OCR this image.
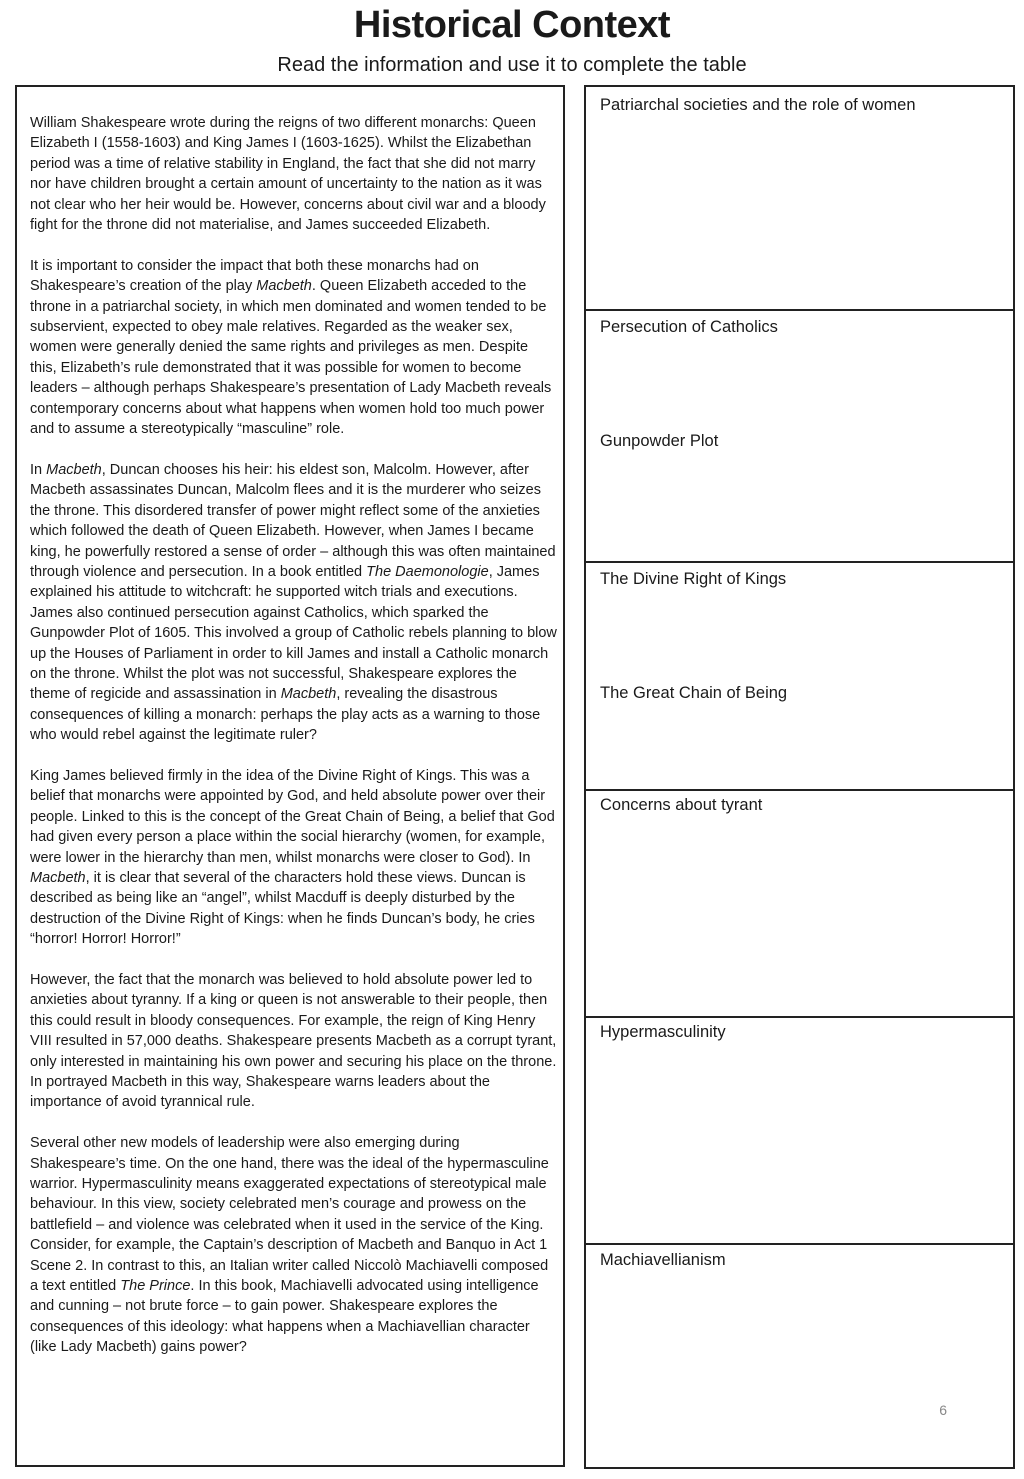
Historical Context
Read the information and use it to complete the table

William Shakespeare wrote during the reigns of two different monarchs: Queen Elizabeth I (1558-1603) and King James I (1603-1625). Whilst the Elizabethan period was a time of relative stability in England, the fact that she did not marry nor have children brought a certain amount of uncertainty to the nation as it was not clear who her heir would be. However, concerns about civil war and a bloody fight for the throne did not materialise, and James succeeded Elizabeth.

It is important to consider the impact that both these monarchs had on Shakespeare’s creation of the play Macbeth. Queen Elizabeth acceded to the throne in a patriarchal society, in which men dominated and women tended to be subservient, expected to obey male relatives. Regarded as the weaker sex, women were generally denied the same rights and privileges as men. Despite this, Elizabeth’s rule demonstrated that it was possible for women to become leaders – although perhaps Shakespeare’s presentation of Lady Macbeth reveals contemporary concerns about what happens when women hold too much power and to assume a stereotypically “masculine” role.

In Macbeth, Duncan chooses his heir: his eldest son, Malcolm. However, after Macbeth assassinates Duncan, Malcolm flees and it is the murderer who seizes the throne. This disordered transfer of power might reflect some of the anxieties which followed the death of Queen Elizabeth. However, when James I became king, he powerfully restored a sense of order – although this was often maintained through violence and persecution. In a book entitled The Daemonologie, James explained his attitude to witchcraft: he supported witch trials and executions. James also continued persecution against Catholics, which sparked the Gunpowder Plot of 1605. This involved a group of Catholic rebels planning to blow up the Houses of Parliament in order to kill James and install a Catholic monarch on the throne. Whilst the plot was not successful, Shakespeare explores the theme of regicide and assassination in Macbeth, revealing the disastrous consequences of killing a monarch: perhaps the play acts as a warning to those who would rebel against the legitimate ruler?

King James believed firmly in the idea of the Divine Right of Kings. This was a belief that monarchs were appointed by God, and held absolute power over their people. Linked to this is the concept of the Great Chain of Being, a belief that God had given every person a place within the social hierarchy (women, for example, were lower in the hierarchy than men, whilst monarchs were closer to God). In Macbeth, it is clear that several of the characters hold these views. Duncan is described as being like an “angel”, whilst Macduff is deeply disturbed by the destruction of the Divine Right of Kings: when he finds Duncan’s body, he cries “horror! Horror! Horror!”

However, the fact that the monarch was believed to hold absolute power led to anxieties about tyranny. If a king or queen is not answerable to their people, then this could result in bloody consequences. For example, the reign of King Henry VIII resulted in 57,000 deaths. Shakespeare presents Macbeth as a corrupt tyrant, only interested in maintaining his own power and securing his place on the throne. In portrayed Macbeth in this way, Shakespeare warns leaders about the importance of avoid tyrannical rule.

Several other new models of leadership were also emerging during Shakespeare’s time. On the one hand, there was the ideal of the hypermasculine warrior. Hypermasculinity means exaggerated expectations of stereotypical male behaviour. In this view, society celebrated men’s courage and prowess on the battlefield – and violence was celebrated when it used in the service of the King. Consider, for example, the Captain’s description of Macbeth and Banquo in Act 1 Scene 2. In contrast to this, an Italian writer called Niccolò Machiavelli composed a text entitled The Prince. In this book, Machiavelli advocated using intelligence and cunning – not brute force – to gain power. Shakespeare explores the consequences of this ideology: what happens when a Machiavellian character (like Lady Macbeth) gains power?

Patriarchal societies and the role of women
Persecution of Catholics
Gunpowder Plot
The Divine Right of Kings
The Great Chain of Being
Concerns about tyrant
Hypermasculinity
Machiavellianism
6
